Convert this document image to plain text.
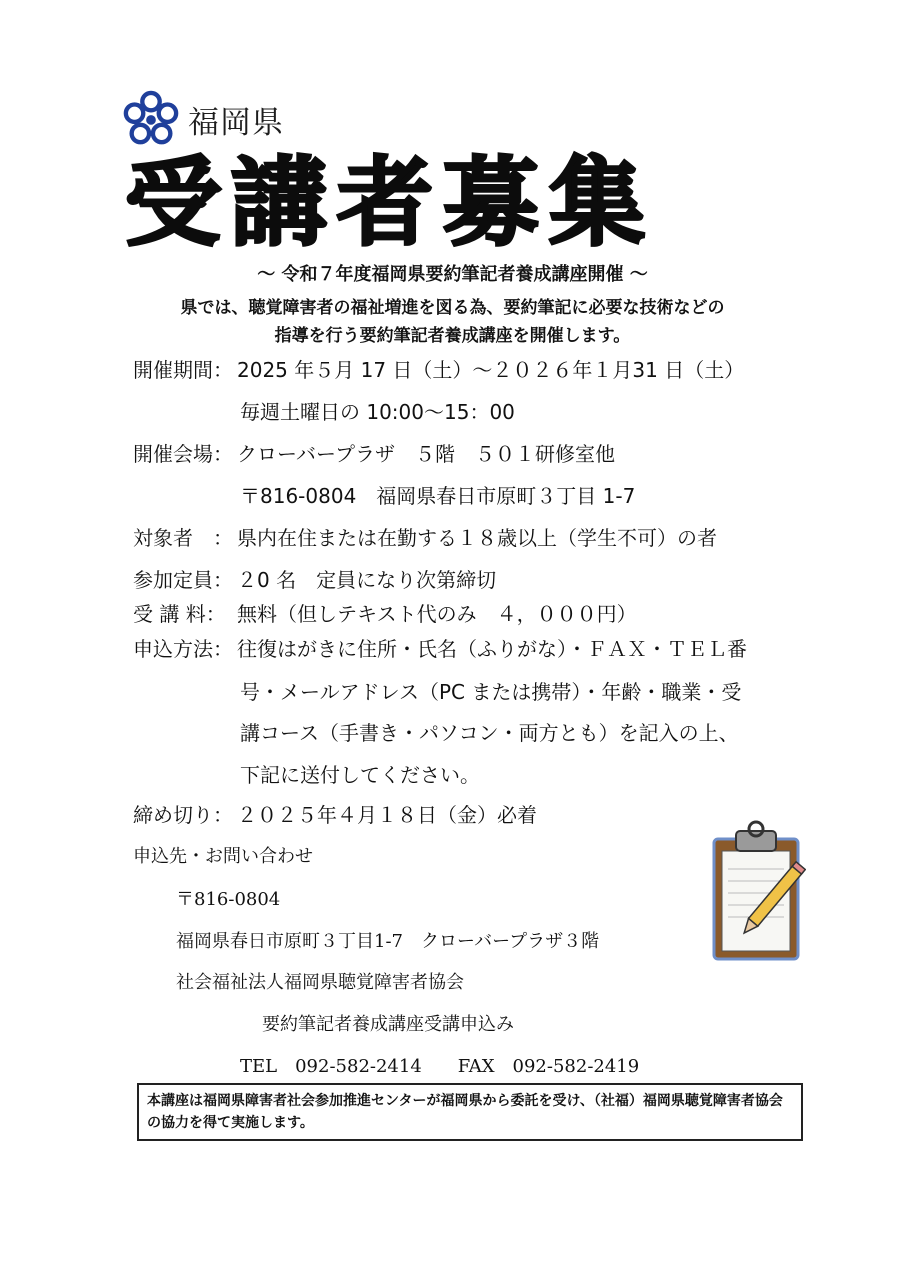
福岡県
受講者募集
～ 令和７年度福岡県要約筆記者養成講座開催 ～
県では、聴覚障害者の福祉増進を図る為、要約筆記に必要な技術などの
指導を行う要約筆記者養成講座を開催します。
開催期間： 2025 年５月 17 日（土）～２０２６年１月31 日（土）
毎週土曜日の 10:00～15：00
開催会場： クローバープラザ　５階　５０１研修室他
〒816-0804　福岡県春日市原町３丁目 1-7
対象者　： 県内在住または在勤する１８歳以上（学生不可）の者
参加定員： ２0 名　定員になり次第締切
受 講 料： 無料（但しテキスト代のみ　４，０００円）
申込方法： 往復はがきに住所・氏名（ふりがな）・ＦＡＸ・ＴＥＬ番
号・メールアドレス（PC または携帯）・年齢・職業・受
講コース（手書き・パソコン・両方とも）を記入の上、
下記に送付してください。
締め切り： ２０２５年４月１８日（金）必着
申込先・お問い合わせ
〒816-0804
福岡県春日市原町３丁目1-7　クローバープラザ３階
社会福祉法人福岡県聴覚障害者協会
要約筆記者養成講座受講申込み
TEL　092-582-2414　　FAX　092-582-2419
本講座は福岡県障害者社会参加推進センターが福岡県から委託を受け、（社福）福岡県聴覚障害者協会の協力を得て実施します。
